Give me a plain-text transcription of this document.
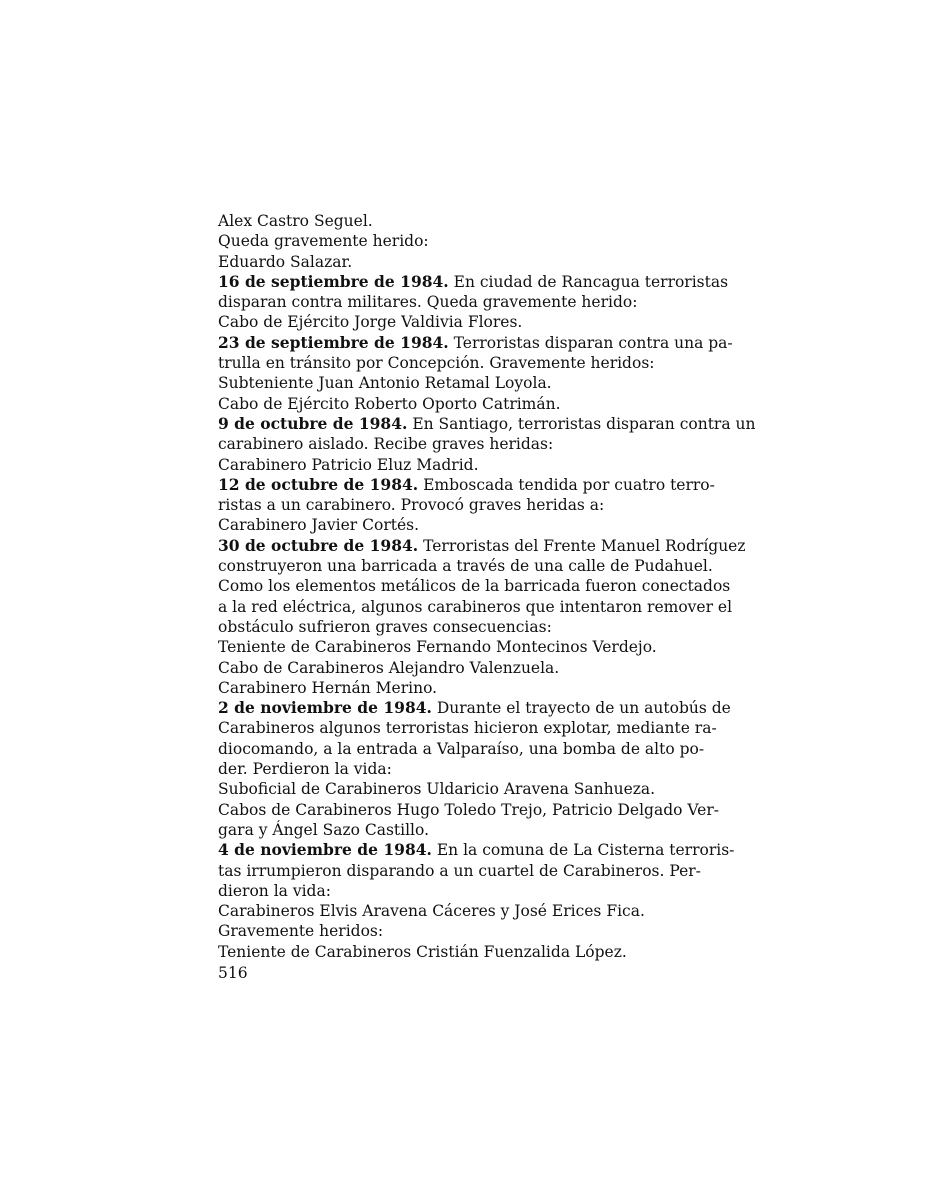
Alex Castro Seguel.
Queda gravemente herido:
Eduardo Salazar.
16 de septiembre de 1984. En ciudad de Rancagua terroristas
disparan contra militares. Queda gravemente herido:
Cabo de Ejército Jorge Valdivia Flores.
23 de septiembre de 1984. Terroristas disparan contra una pa-
trulla en tránsito por Concepción. Gravemente heridos:
Subteniente Juan Antonio Retamal Loyola.
Cabo de Ejército Roberto Oporto Catrimán.
9 de octubre de 1984. En Santiago, terroristas disparan contra un
carabinero aislado. Recibe graves heridas:
Carabinero Patricio Eluz Madrid.
12 de octubre de 1984. Emboscada tendida por cuatro terro-
ristas a un carabinero. Provocó graves heridas a:
Carabinero Javier Cortés.
30 de octubre de 1984. Terroristas del Frente Manuel Rodríguez
construyeron una barricada a través de una calle de Pudahuel.
Como los elementos metálicos de la barricada fueron conectados
a la red eléctrica, algunos carabineros que intentaron remover el
obstáculo sufrieron graves consecuencias:
Teniente de Carabineros Fernando Montecinos Verdejo.
Cabo de Carabineros Alejandro Valenzuela.
Carabinero Hernán Merino.
2 de noviembre de 1984. Durante el trayecto de un autobús de
Carabineros algunos terroristas hicieron explotar, mediante ra-
diocomando, a la entrada a Valparaíso, una bomba de alto po-
der. Perdieron la vida:
Suboficial de Carabineros Uldaricio Aravena Sanhueza.
Cabos de Carabineros Hugo Toledo Trejo, Patricio Delgado Ver-
gara y Ángel Sazo Castillo.
4 de noviembre de 1984. En la comuna de La Cisterna terroris-
tas irrumpieron disparando a un cuartel de Carabineros. Per-
dieron la vida:
Carabineros Elvis Aravena Cáceres y José Erices Fica.
Gravemente heridos:
Teniente de Carabineros Cristián Fuenzalida López.
516
